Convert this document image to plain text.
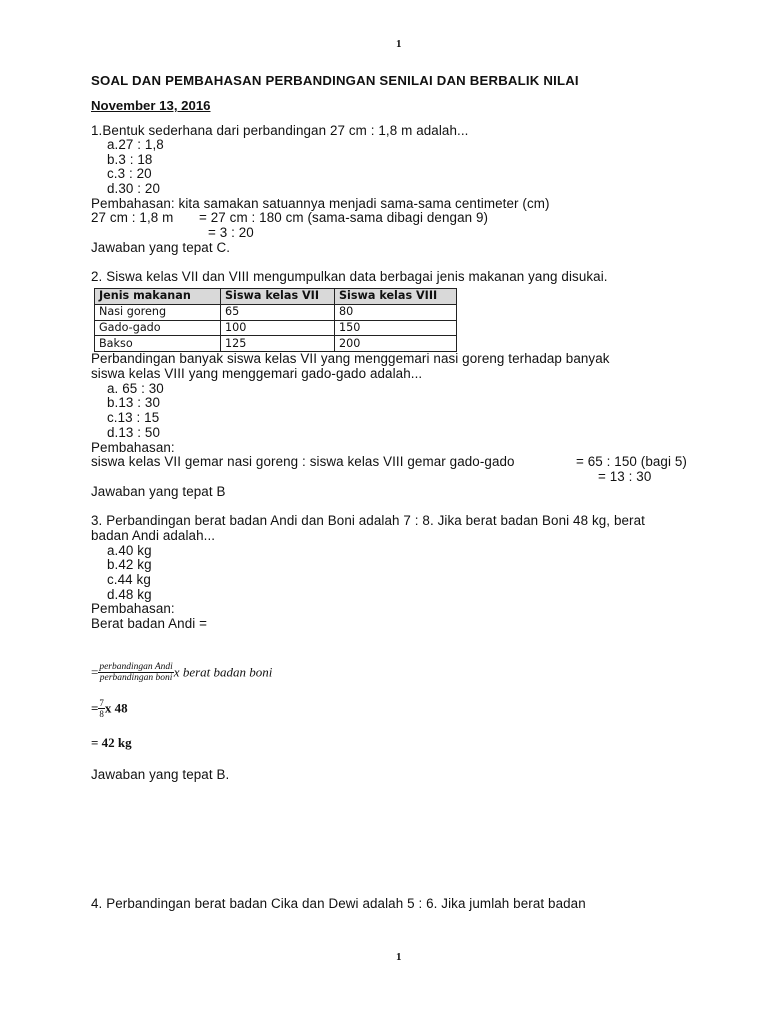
1
SOAL DAN PEMBAHASAN PERBANDINGAN SENILAI DAN BERBALIK NILAI
November 13, 2016
1.Bentuk sederhana dari perbandingan 27 cm : 1,8 m adalah...
a.27 : 1,8
b.3 : 18
c.3 : 20
d.30 : 20
Pembahasan: kita samakan satuannya menjadi sama-sama centimeter (cm)
27 cm : 1,8 m = 27 cm : 180 cm (sama-sama dibagi dengan 9)
= 3 : 20
Jawaban yang tepat C.
2. Siswa kelas VII dan VIII mengumpulkan data berbagai jenis makanan yang disukai.
Jenis makanan	Siswa kelas VII	Siswa kelas VIII
Nasi goreng	65	80
Gado-gado	100	150
Bakso	125	200
Perbandingan banyak siswa kelas VII yang menggemari nasi goreng terhadap banyak
siswa kelas VIII yang menggemari gado-gado adalah...
a. 65 : 30
b.13 : 30
c.13 : 15
d.13 : 50
Pembahasan:
siswa kelas VII gemar nasi goreng : siswa kelas VIII gemar gado-gado	= 65 : 150 (bagi 5)
= 13 : 30
Jawaban yang tepat B
3. Perbandingan berat badan Andi dan Boni adalah 7 : 8. Jika berat badan Boni 48 kg, berat
badan Andi adalah...
a.40 kg
b.42 kg
c.44 kg
d.48 kg
Pembahasan:
Berat badan Andi =
= $\frac{\text{perbandingan Andi}}{\text{perbandingan boni}}$ x berat badan boni
= $\frac{7}{8}$ x 48
= 42 kg
Jawaban yang tepat B.
4. Perbandingan berat badan Cika dan Dewi adalah 5 : 6. Jika jumlah berat badan
1
